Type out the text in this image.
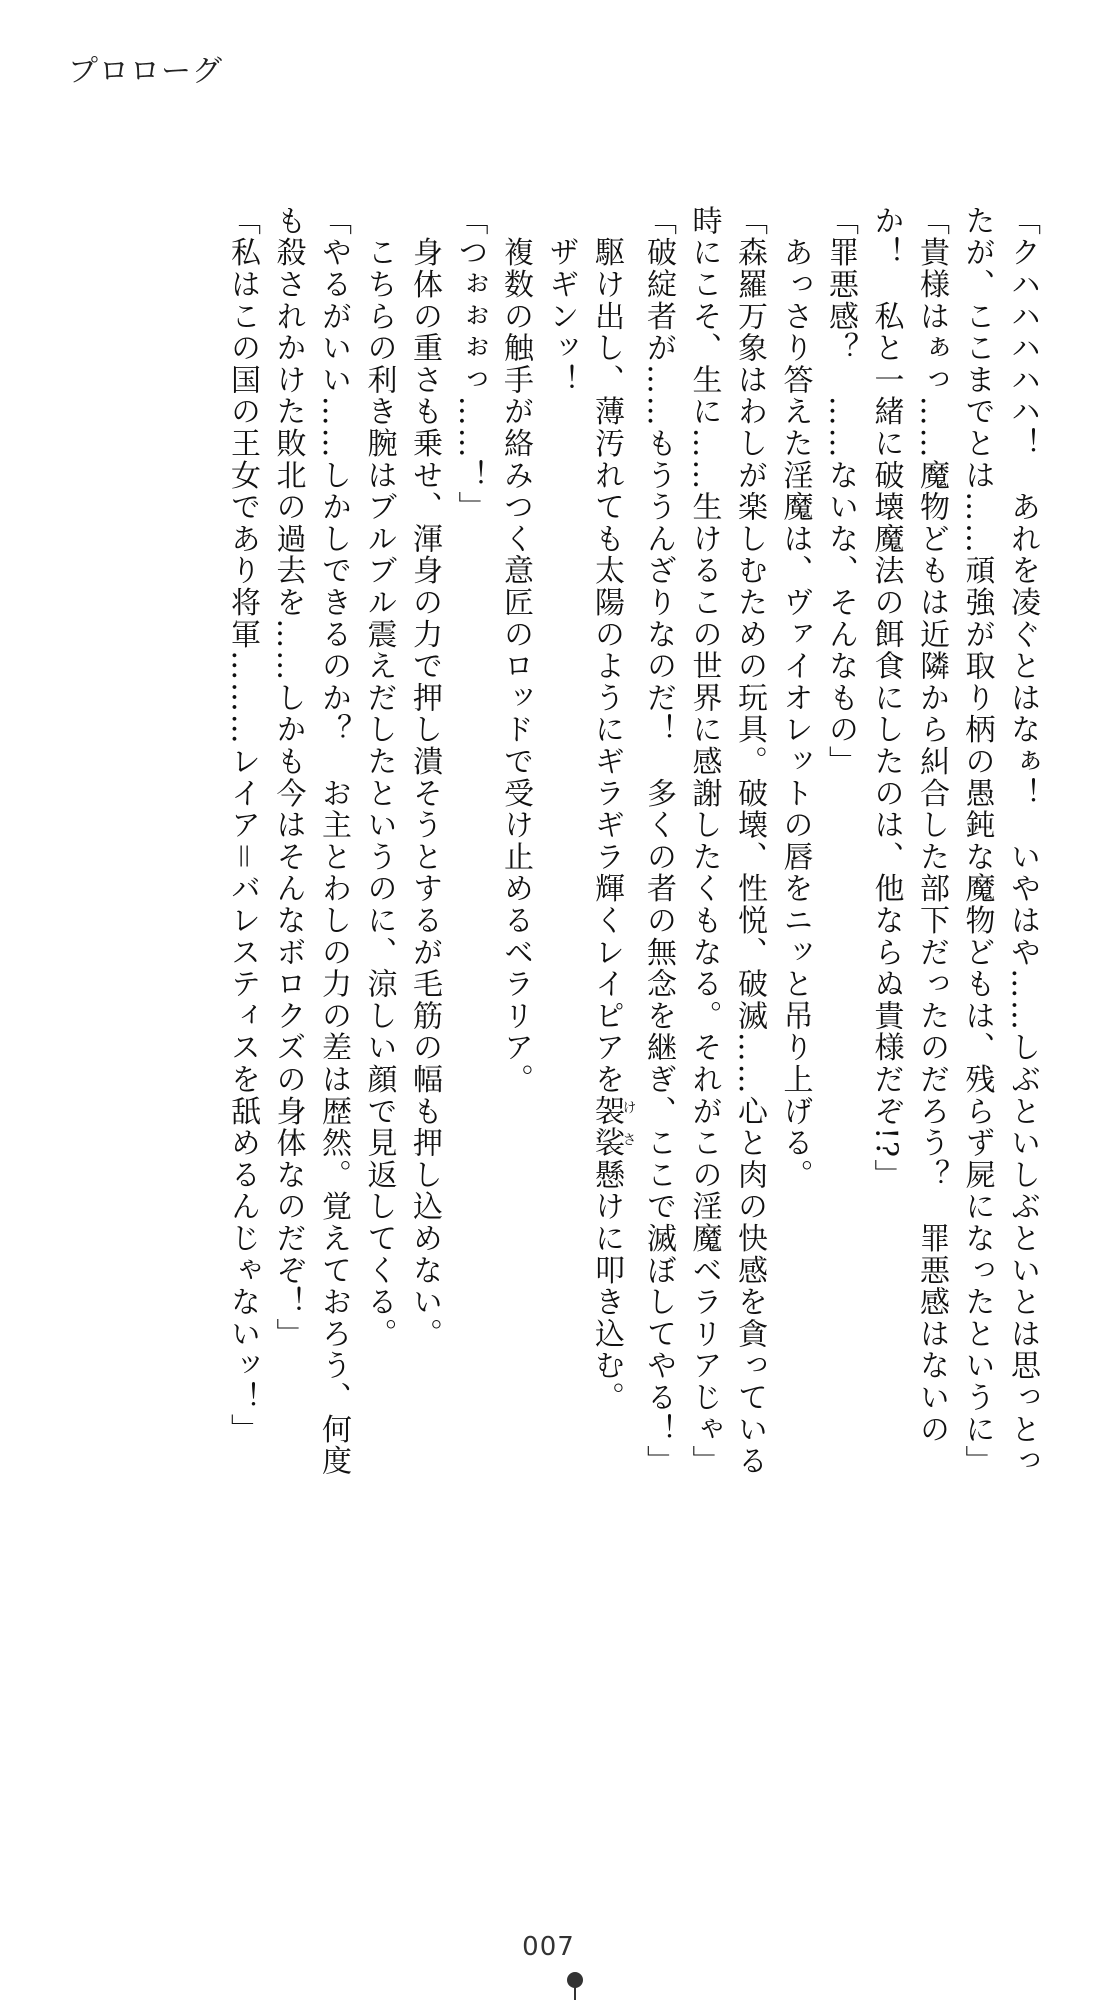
プロローグ
「クハハハハハ！　あれを凌ぐとはなぁ！　いやはや……しぶといしぶといとは思っとっ
たが、ここまでとは……頑強が取り柄の愚鈍な魔物どもは、残らず屍になったというに」
「貴様はぁっ……魔物どもは近隣から糾合した部下だったのだろう？　罪悪感はないの
か！　私と一緒に破壊魔法の餌食にしたのは、他ならぬ貴様だぞ!?」
「罪悪感？　……ないな、そんなもの」
　あっさり答えた淫魔は、ヴァイオレットの唇をニッと吊り上げる。
「森羅万象はわしが楽しむための玩具。破壊、性悦、破滅……心と肉の快感を貪っている
時にこそ、生に……生けるこの世界に感謝したくもなる。それがこの淫魔ベラリアじゃ」
「破綻者が……もううんざりなのだ！　多くの者の無念を継ぎ、ここで滅ぼしてやる！」
　駆け出し、薄汚れても太陽のようにギラギラ輝くレイピアを袈裟けさ懸けに叩き込む。
　ザギンッ！
　複数の触手が絡みつく意匠のロッドで受け止めるベラリア。
「つぉぉぉっ……！」
　身体の重さも乗せ、渾身の力で押し潰そうとするが毛筋の幅も押し込めない。
　こちらの利き腕はブルブル震えだしたというのに、涼しい顔で見返してくる。
「やるがいい……しかしできるのか？　お主とわしの力の差は歴然。覚えておろう、何度
も殺されかけた敗北の過去を……しかも今はそんなボロクズの身体なのだぞ！」
「私はこの国の王女であり将軍………レイア＝バレスティスを舐めるんじゃないッ！」
007
